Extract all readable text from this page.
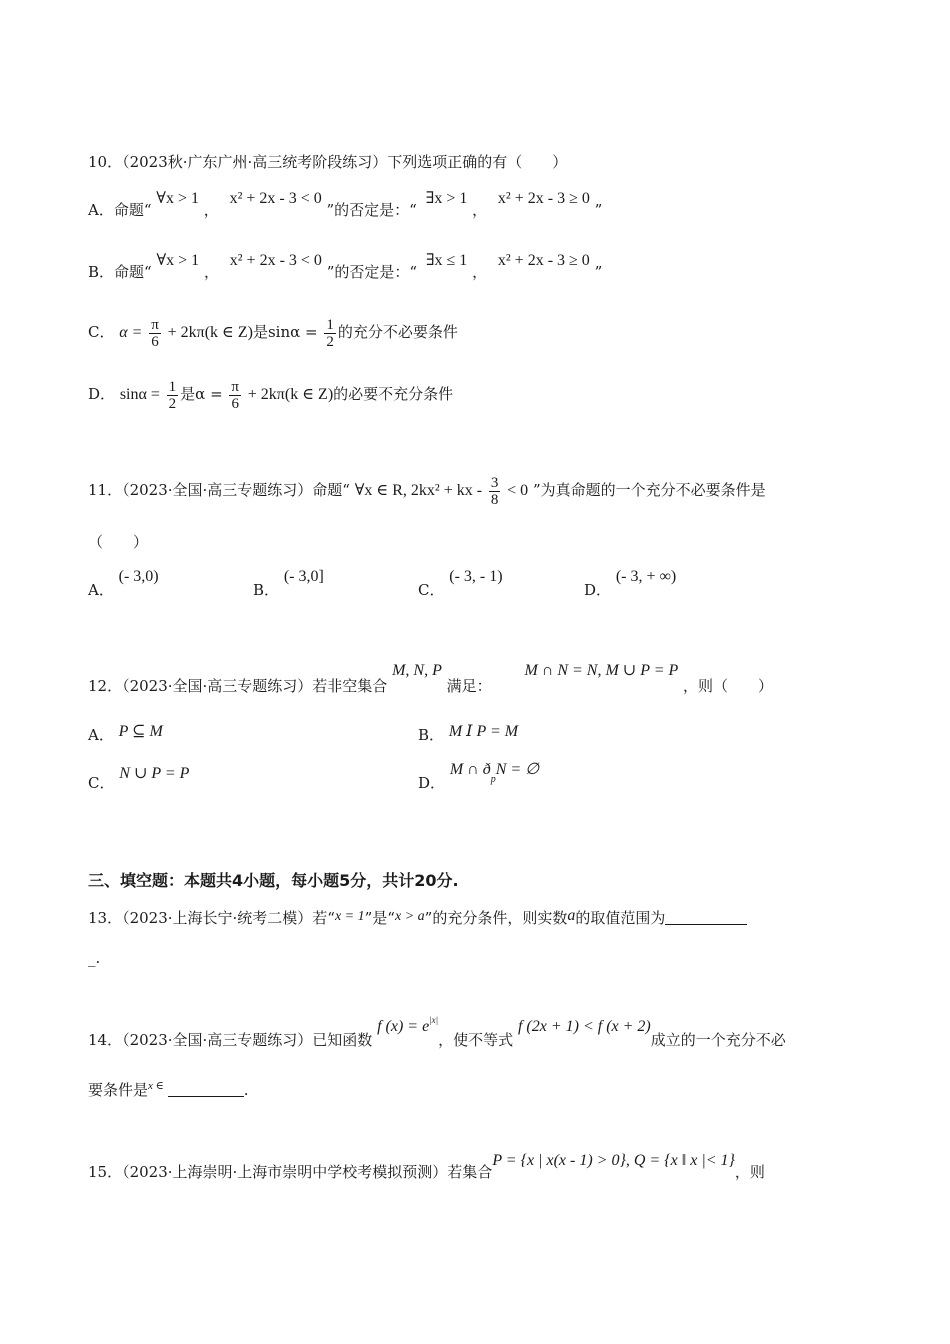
10．（2023秋·广东广州·高三统考阶段练习）下列选项正确的有（　　）
A．命题“ ∀x > 1 ， x² + 2x - 3 < 0 ”的否定是：“ ∃x > 1 ， x² + 2x - 3 ≥ 0 ”
B．命题“ ∀x > 1 ， x² + 2x - 3 < 0 ”的否定是：“ ∃x ≤ 1 ， x² + 2x - 3 ≥ 0 ”
C． $\alpha = \frac{\pi}{6} + 2k\pi(k$ ∈ Z)是$\sin\alpha = \frac{1}{2}$ 的充分不必要条件
D． $\sin\alpha = \frac{1}{2}$ 是$\alpha = \frac{\pi}{6} + 2k\pi(k$ ∈ Z)的必要不充分条件
11．（2023·全国·高三专题练习）命题“ ∀x ∈ R, 2kx² + kx - $\frac{3}{8} < 0$ ”为真命题的一个充分不必要条件是
（　　）
A． (- 3,0)
B． (- 3,0]
C． (- 3, - 1)
D． (- 3, + ∞)
12．（2023·全国·高三专题练习）若非空集合 M, N, P 满足： M ∩ N = N, M ∪ P = P ，则（　　）
A． P ⊆ M	B． M Ⅰ P = M
C． N ∪ P = P
D． M ∩ $ð^pN$ = ∅
三、填空题：本题共4小题，每小题5分，共计20分.
13．（2023·上海长宁·统考二模）若“x = 1”是“x > a”的充分条件，则实数a的取值范围为
_.
14．（2023·全国·高三专题练习）已知函数 f $(x) = e^{|x|}$，使不等式 f (2x + 1) < f (x + 2)成立的一个充分不必
要条件是$^{x \in}$	.
15．（2023·上海崇明·上海市崇明中学校考模拟预测）若集合P = {x | x(x - 1) > 0}, Q = {x ‖ x |< 1}，则
